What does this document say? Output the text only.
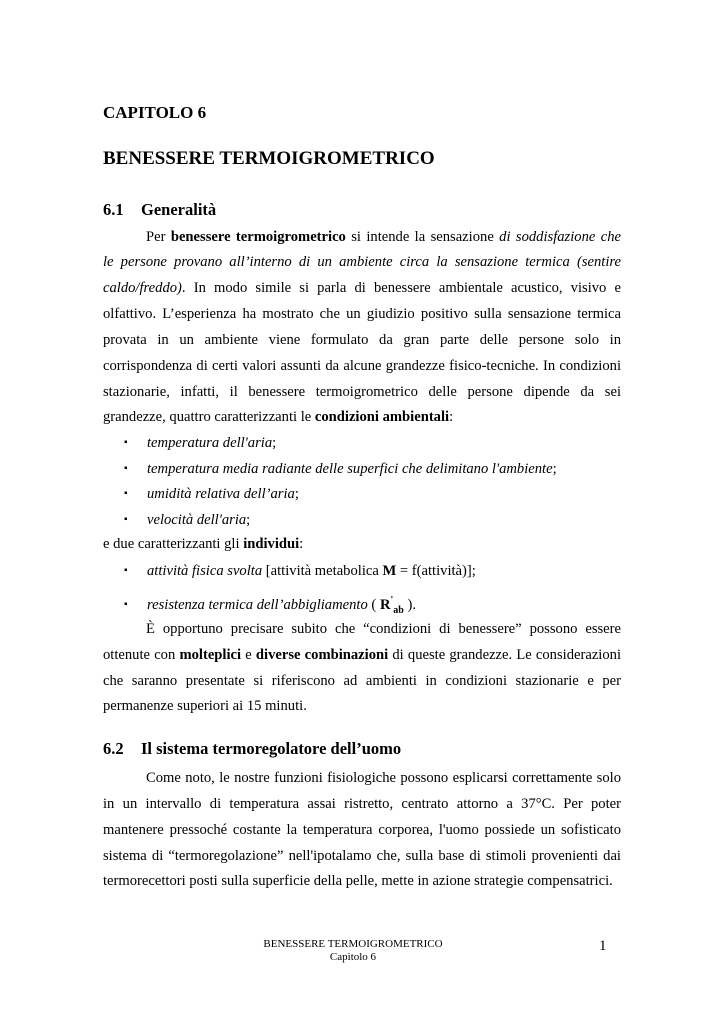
CAPITOLO 6
BENESSERE TERMOIGROMETRICO
6.1 Generalità
Per benessere termoigrometrico si intende la sensazione di soddisfazione che
le persone provano all’interno di un ambiente circa la sensazione termica (sentire
caldo/freddo). In modo simile si parla di benessere ambientale acustico, visivo e
olfattivo. L’esperienza ha mostrato che un giudizio positivo sulla sensazione termica
provata in un ambiente viene formulato da gran parte delle persone solo in
corrispondenza di certi valori assunti da alcune grandezze fisico-tecniche. In condizioni
stazionarie, infatti, il benessere termoigrometrico delle persone dipende da sei
grandezze, quattro caratterizzanti le condizioni ambientali:
▪ temperatura dell'aria;
▪ temperatura media radiante delle superfici che delimitano l'ambiente;
▪ umidità relativa dell’aria;
▪ velocità dell'aria;
e due caratterizzanti gli individui:
▪ attività fisica svolta [attività metabolica M = f(attività)];
▪ resistenza termica dell’abbigliamento ( $R'_{ab}$ ).
È opportuno precisare subito che “condizioni di benessere” possono essere
ottenute con molteplici e diverse combinazioni di queste grandezze. Le considerazioni
che saranno presentate si riferiscono ad ambienti in condizioni stazionarie e per
permanenze superiori ai 15 minuti.
6.2 Il sistema termoregolatore dell’uomo
Come noto, le nostre funzioni fisiologiche possono esplicarsi correttamente solo
in un intervallo di temperatura assai ristretto, centrato attorno a 37°C. Per poter
mantenere pressoché costante la temperatura corporea, l'uomo possiede un sofisticato
sistema di “termoregolazione” nell'ipotalamo che, sulla base di stimoli provenienti dai
termorecettori posti sulla superficie della pelle, mette in azione strategie compensatrici.
BENESSERE TERMOIGROMETRICO
Capitolo 6
1
